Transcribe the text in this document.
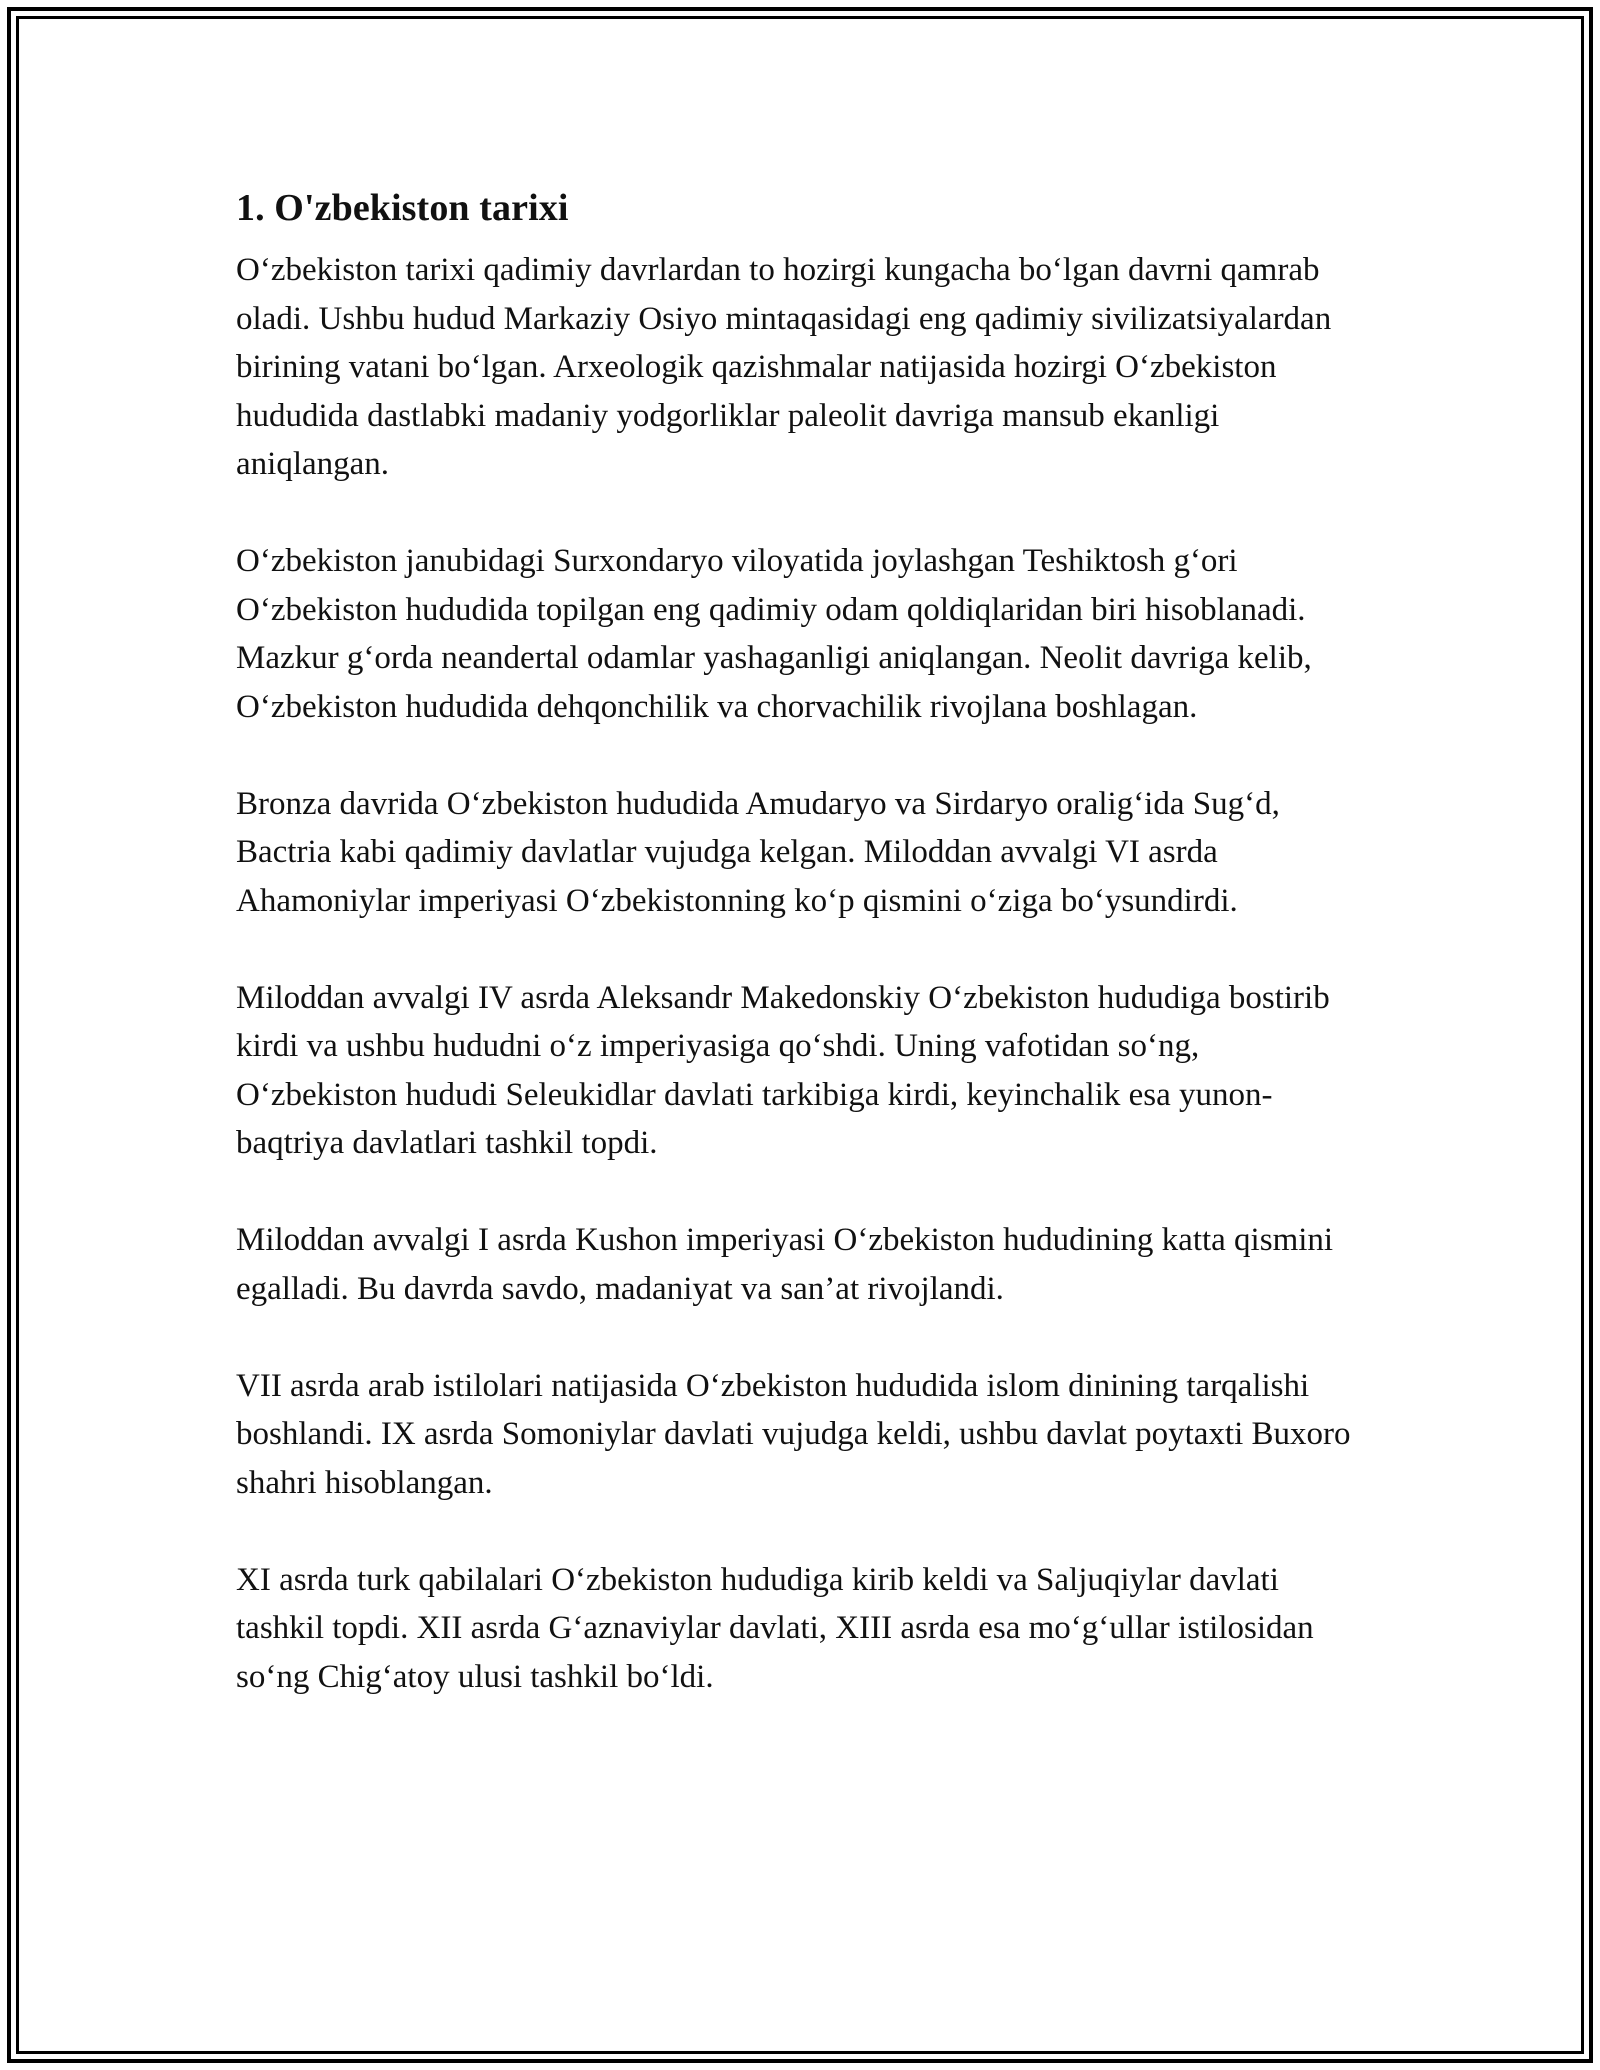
1. O'zbekiston tarixi

O‘zbekiston tarixi qadimiy davrlardan to hozirgi kungacha bo‘lgan davrni qamrab oladi. Ushbu hudud Markaziy Osiyo mintaqasidagi eng qadimiy sivilizatsiyalardan birining vatani bo‘lgan. Arxeologik qazishmalar natijasida hozirgi O‘zbekiston hududida dastlabki madaniy yodgorliklar paleolit davriga mansub ekanligi aniqlangan.

O‘zbekiston janubidagi Surxondaryo viloyatida joylashgan Teshiktosh g‘ori O‘zbekiston hududida topilgan eng qadimiy odam qoldiqlaridan biri hisoblanadi. Mazkur g‘orda neandertal odamlar yashaganligi aniqlangan. Neolit davriga kelib, O‘zbekiston hududida dehqonchilik va chorvachilik rivojlana boshlagan.

Bronza davrida O‘zbekiston hududida Amudaryo va Sirdaryo oralig‘ida Sug‘d, Bactria kabi qadimiy davlatlar vujudga kelgan. Miloddan avvalgi VI asrda Ahamoniylar imperiyasi O‘zbekistonning ko‘p qismini o‘ziga bo‘ysundirdi.

Miloddan avvalgi IV asrda Aleksandr Makedonskiy O‘zbekiston hududiga bostirib kirdi va ushbu hududni o‘z imperiyasiga qo‘shdi. Uning vafotidan so‘ng, O‘zbekiston hududi Seleukidlar davlati tarkibiga kirdi, keyinchalik esa yunon-baqtriya davlatlari tashkil topdi.

Miloddan avvalgi I asrda Kushon imperiyasi O‘zbekiston hududining katta qismini egalladi. Bu davrda savdo, madaniyat va san’at rivojlandi.

VII asrda arab istilolari natijasida O‘zbekiston hududida islom dinining tarqalishi boshlandi. IX asrda Somoniylar davlati vujudga keldi, ushbu davlat poytaxti Buxoro shahri hisoblangan.

XI asrda turk qabilalari O‘zbekiston hududiga kirib keldi va Saljuqiylar davlati tashkil topdi. XII asrda G‘aznaviylar davlati, XIII asrda esa mo‘g‘ullar istilosidan so‘ng Chig‘atoy ulusi tashkil bo‘ldi.
